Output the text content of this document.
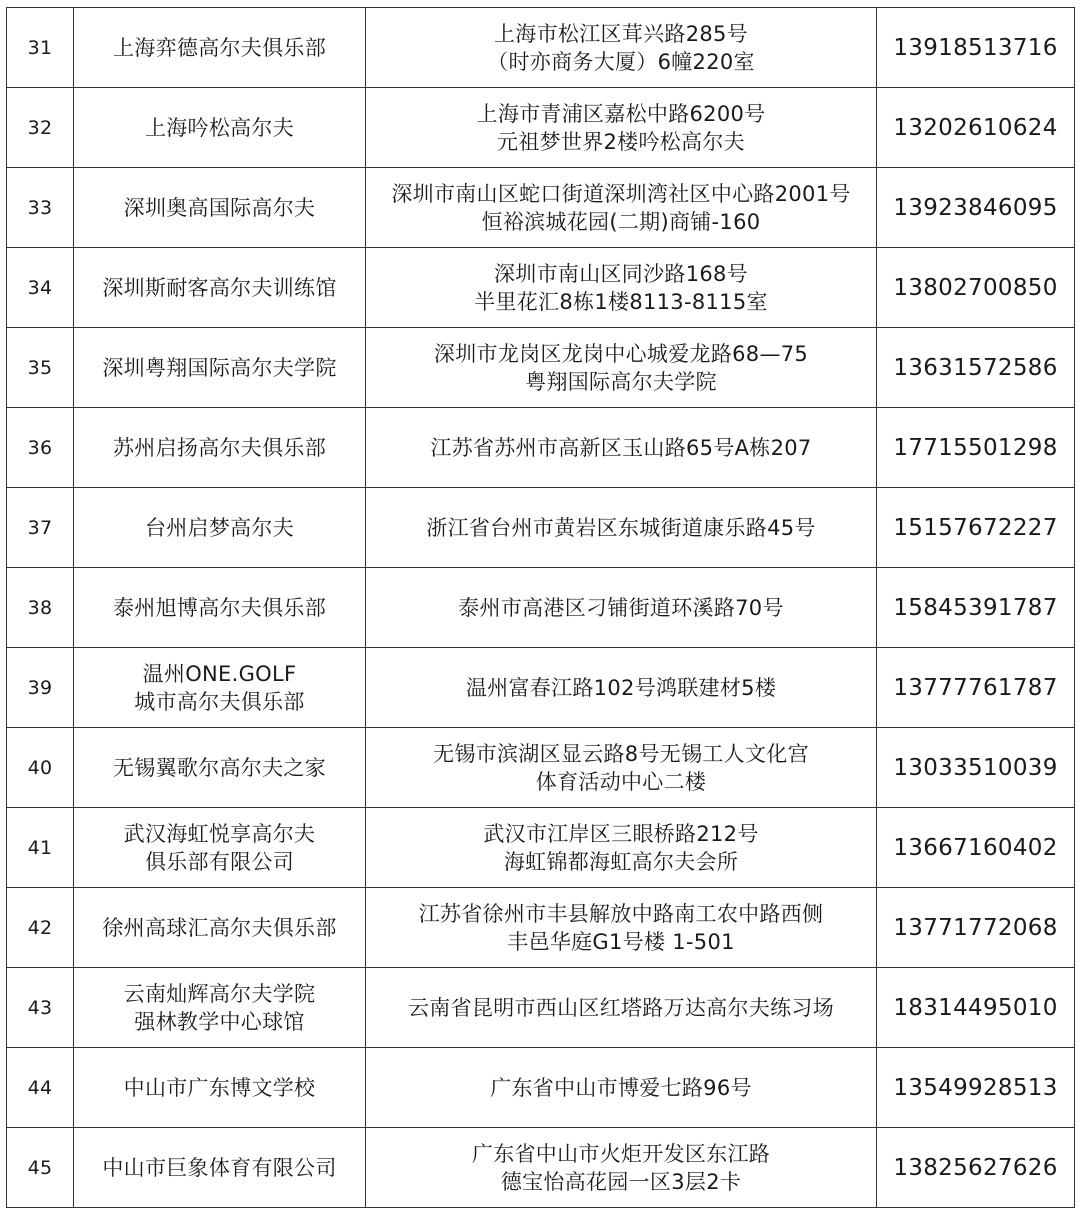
31	上海弈德高尔夫俱乐部	上海市松江区茸兴路285号
（时亦商务大厦）6幢220室	13918513716
32	上海吟松高尔夫	上海市青浦区嘉松中路6200号
元祖梦世界2楼吟松高尔夫	13202610624
33	深圳奥高国际高尔夫	深圳市南山区蛇口街道深圳湾社区中心路2001号
恒裕滨城花园(二期)商铺-160	13923846095
34	深圳斯耐客高尔夫训练馆	深圳市南山区同沙路168号
半里花汇8栋1楼8113-8115室	13802700850
35	深圳粤翔国际高尔夫学院	深圳市龙岗区龙岗中心城爱龙路68—75
粤翔国际高尔夫学院	13631572586
36	苏州启扬高尔夫俱乐部	江苏省苏州市高新区玉山路65号A栋207	17715501298
37	台州启梦高尔夫	浙江省台州市黄岩区东城街道康乐路45号	15157672227
38	泰州旭博高尔夫俱乐部	泰州市高港区刁铺街道环溪路70号	15845391787
39	温州ONE.GOLF
城市高尔夫俱乐部	温州富春江路102号鸿联建材5楼	13777761787
40	无锡翼歌尔高尔夫之家	无锡市滨湖区显云路8号无锡工人文化宫
体育活动中心二楼	13033510039
41	武汉海虹悦享高尔夫
俱乐部有限公司	武汉市江岸区三眼桥路212号
海虹锦都海虹高尔夫会所	13667160402
42	徐州高球汇高尔夫俱乐部	江苏省徐州市丰县解放中路南工农中路西侧
丰邑华庭G1号楼 1-501	13771772068
43	云南灿辉高尔夫学院
强林教学中心球馆	云南省昆明市西山区红塔路万达高尔夫练习场	18314495010
44	中山市广东博文学校	广东省中山市博爱七路96号	13549928513
45	中山市巨象体育有限公司	广东省中山市火炬开发区东江路
德宝怡高花园一区3层2卡	13825627626
